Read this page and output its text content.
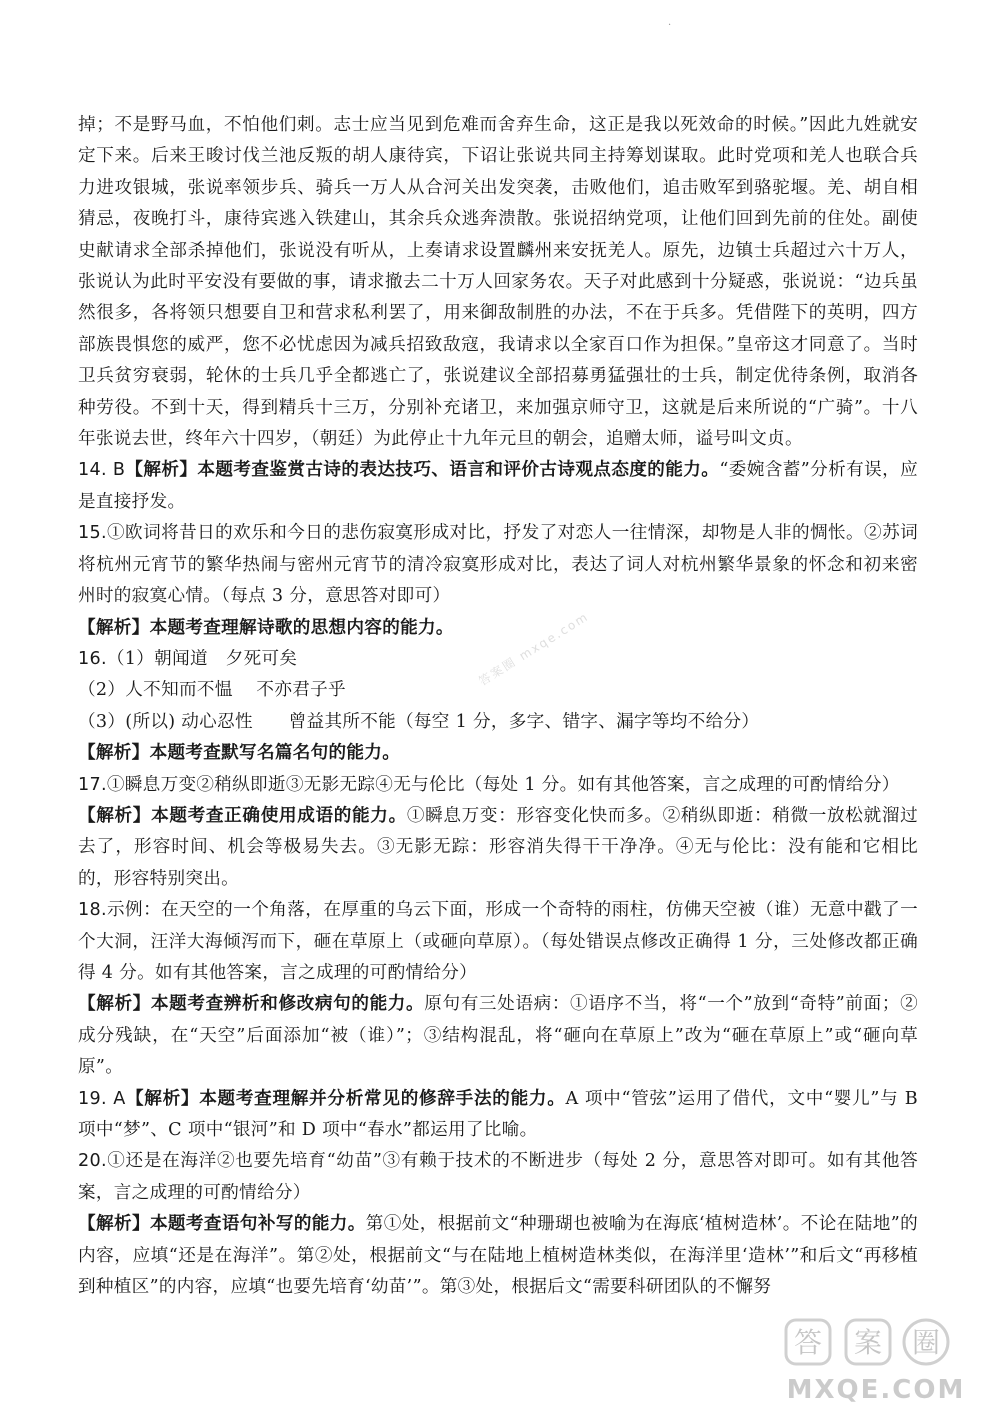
·

掉；不是野马血，不怕他们刺。志士应当见到危难而舍弃生命，这正是我以死效命的时候。”因此九姓就安定下来。后来王晙讨伐兰池反叛的胡人康待宾，下诏让张说共同主持筹划谋取。此时党项和羌人也联合兵力进攻银城，张说率领步兵、骑兵一万人从合河关出发突袭，击败他们，追击败军到骆驼堰。羌、胡自相猜忌，夜晚打斗，康待宾逃入铁建山，其余兵众逃奔溃散。张说招纳党项，让他们回到先前的住处。副使史献请求全部杀掉他们，张说没有听从，上奏请求设置麟州来安抚羌人。原先，边镇士兵超过六十万人，张说认为此时平安没有要做的事，请求撤去二十万人回家务农。天子对此感到十分疑惑，张说说：“边兵虽然很多，各将领只想要自卫和营求私利罢了，用来御敌制胜的办法，不在于兵多。凭借陛下的英明，四方部族畏惧您的威严，您不必忧虑因为减兵招致敌寇，我请求以全家百口作为担保。”皇帝这才同意了。当时卫兵贫穷衰弱，轮休的士兵几乎全都逃亡了，张说建议全部招募勇猛强壮的士兵，制定优待条例，取消各种劳役。不到十天，得到精兵十三万，分别补充诸卫，来加强京师守卫，这就是后来所说的“广骑”。十八年张说去世，终年六十四岁，（朝廷）为此停止十九年元旦的朝会，追赠太师，谥号叫文贞。

14. B【解析】本题考查鉴赏古诗的表达技巧、语言和评价古诗观点态度的能力。“委婉含蓄”分析有误，应是直接抒发。

15.①欧词将昔日的欢乐和今日的悲伤寂寞形成对比，抒发了对恋人一往情深，却物是人非的惆怅。②苏词将杭州元宵节的繁华热闹与密州元宵节的清冷寂寞形成对比，表达了词人对杭州繁华景象的怀念和初来密州时的寂寞心情。（每点 3 分，意思答对即可）

【解析】本题考查理解诗歌的思想内容的能力。

16.（1）朝闻道　夕死可矣

（2）人不知而不愠　 不亦君子乎

（3）(所以) 动心忍性　　曾益其所不能（每空 1 分，多字、错字、漏字等均不给分）

【解析】本题考查默写名篇名句的能力。

17.①瞬息万变②稍纵即逝③无影无踪④无与伦比（每处 1 分。如有其他答案，言之成理的可酌情给分）

【解析】本题考查正确使用成语的能力。①瞬息万变：形容变化快而多。②稍纵即逝：稍微一放松就溜过去了，形容时间、机会等极易失去。③无影无踪：形容消失得干干净净。④无与伦比：没有能和它相比的，形容特别突出。

18.示例：在天空的一个角落，在厚重的乌云下面，形成一个奇特的雨柱，仿佛天空被（谁）无意中戳了一个大洞，汪洋大海倾泻而下，砸在草原上（或砸向草原）。（每处错误点修改正确得 1 分，三处修改都正确得 4 分。如有其他答案，言之成理的可酌情给分）

【解析】本题考查辨析和修改病句的能力。原句有三处语病：①语序不当，将“一个”放到“奇特”前面；②成分残缺，在“天空”后面添加“被（谁）”；③结构混乱，将“砸向在草原上”改为“砸在草原上”或“砸向草原”。

19. A【解析】本题考查理解并分析常见的修辞手法的能力。A 项中“管弦”运用了借代，文中“婴儿”与 B 项中“梦”、C 项中“银河”和 D 项中“春水”都运用了比喻。

20.①还是在海洋②也要先培育“幼苗”③有赖于技术的不断进步（每处 2 分，意思答对即可。如有其他答案，言之成理的可酌情给分）

【解析】本题考查语句补写的能力。第①处，根据前文“种珊瑚也被喻为在海底‘植树造林’。不论在陆地”的内容，应填“还是在海洋”。第②处，根据前文“与在陆地上植树造林类似，在海洋里‘造林’”和后文“再移植到种植区”的内容，应填“也要先培育‘幼苗’”。第③处，根据后文“需要科研团队的不懈努

答案圈 mxqe.com
答 案 圈
MXQE.COM
